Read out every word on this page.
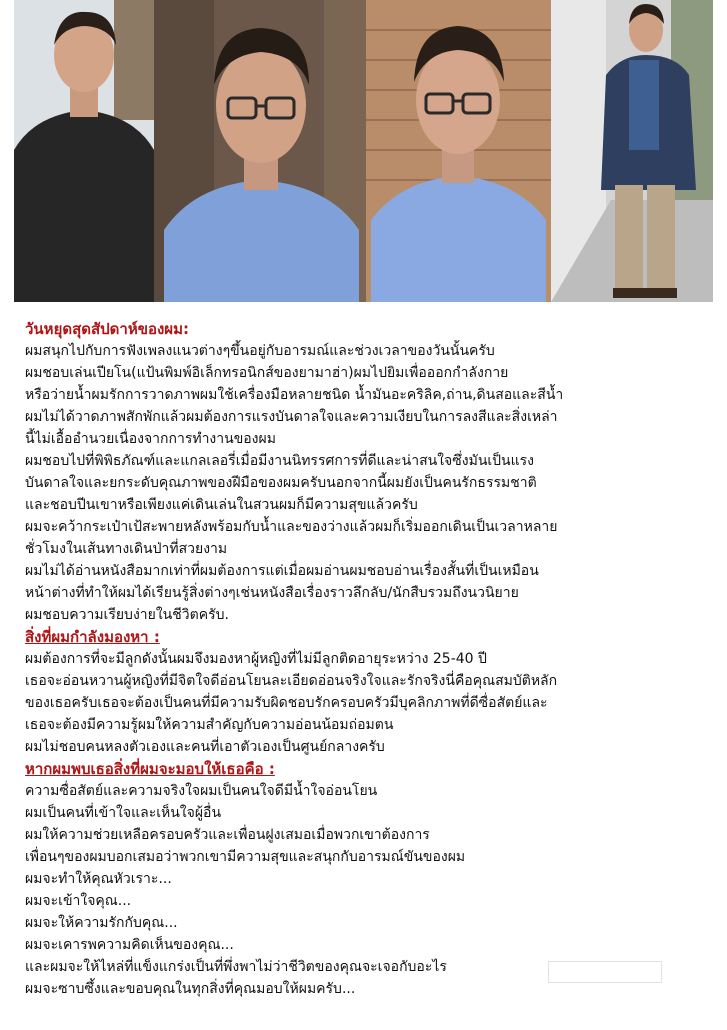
วันหยุดสุดสัปดาห์ของผม:

ผมสนุกไปกับการฟังเพลงแนวต่างๆขึ้นอยู่กับอารมณ์และช่วงเวลาของวันนั้นครับ

ผมชอบเล่นเปียโน(แป้นพิมพ์อิเล็กทรอนิกส์ของยามาฮ่า)ผมไปยิมเพื่อออกกำลังกาย

หรือว่ายน้ำผมรักการวาดภาพผมใช้เครื่องมือหลายชนิด น้ำมันอะคริลิค,ถ่าน,ดินสอและสีน้ำ

ผมไม่ได้วาดภาพสักพักแล้วผมต้องการแรงบันดาลใจและความเงียบในการลงสีและสิ่งเหล่า

นี้ไม่เอื้ออำนวยเนื่องจากการทำงานของผม

ผมชอบไปที่พิพิธภัณฑ์และแกลเลอรี่เมื่อมีงานนิทรรศการที่ดีและน่าสนใจซึ่งมันเป็นแรง

บันดาลใจและยกระดับคุณภาพของฝีมือของผมครับนอกจากนี้ผมยังเป็นคนรักธรรมชาติ

และชอบปีนเขาหรือเพียงแค่เดินเล่นในสวนผมก็มีความสุขแล้วครับ

ผมจะคว้ากระเป๋าเป้สะพายหลังพร้อมกับน้ำและของว่างแล้วผมก็เริ่มออกเดินเป็นเวลาหลาย

ชั่วโมงในเส้นทางเดินป่าที่สวยงาม

ผมไม่ได้อ่านหนังสือมากเท่าที่ผมต้องการแต่เมื่อผมอ่านผมชอบอ่านเรื่องสั้นที่เป็นเหมือน

หน้าต่างที่ทำให้ผมได้เรียนรู้สิ่งต่างๆเช่นหนังสือเรื่องราวลึกลับ/นักสืบรวมถึงนวนิยาย

ผมชอบความเรียบง่ายในชีวิตครับ.

สิ่งที่ผมกำลังมองหา :

ผมต้องการที่จะมีลูกดังนั้นผมจึงมองหาผู้หญิงที่ไม่มีลูกติดอายุระหว่าง 25-40 ปี

เธอจะอ่อนหวานผู้หญิงที่มีจิตใจดีอ่อนโยนละเอียดอ่อนจริงใจและรักจริงนี่คือคุณสมบัติหลัก

ของเธอครับเธอจะต้องเป็นคนที่มีความรับผิดชอบรักครอบครัวมีบุคลิกภาพที่ดีซื่อสัตย์และ

เธอจะต้องมีความรู้ผมให้ความสำคัญกับความอ่อนน้อมถ่อมตน

ผมไม่ชอบคนหลงตัวเองและคนที่เอาตัวเองเป็นศูนย์กลางครับ

หากผมพบเธอสิ่งที่ผมจะมอบให้เธอคือ :

ความซื่อสัตย์และความจริงใจผมเป็นคนใจดีมีน้ำใจอ่อนโยน

ผมเป็นคนที่เข้าใจและเห็นใจผู้อื่น

ผมให้ความช่วยเหลือครอบครัวและเพื่อนฝูงเสมอเมื่อพวกเขาต้องการ

เพื่อนๆของผมบอกเสมอว่าพวกเขามีความสุขและสนุกกับอารมณ์ขันของผม

ผมจะทำให้คุณหัวเราะ...

ผมจะเข้าใจคุณ...

ผมจะให้ความรักกับคุณ...

ผมจะเคารพความคิดเห็นของคุณ...

และผมจะให้ไหล่ที่แข็งแกร่งเป็นที่พึ่งพาไม่ว่าชีวิตของคุณจะเจอกับอะไร

ผมจะซาบซึ้งและขอบคุณในทุกสิ่งที่คุณมอบให้ผมครับ...
